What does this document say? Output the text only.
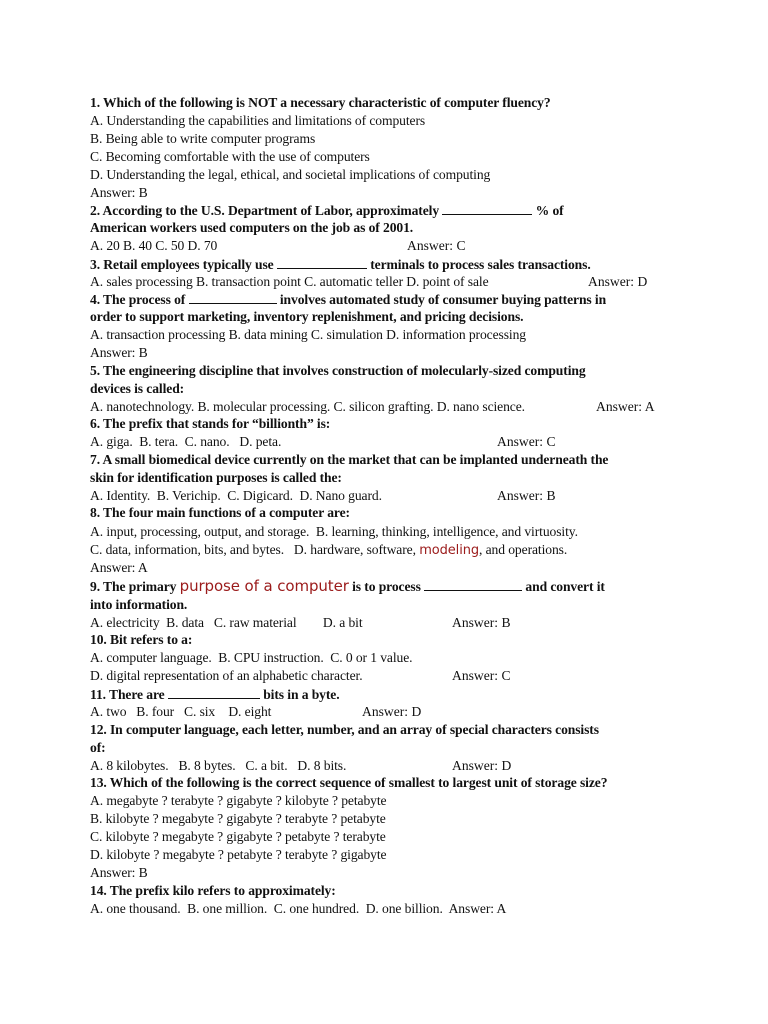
1. Which of the following is NOT a necessary characteristic of computer fluency?
A. Understanding the capabilities and limitations of computers
B. Being able to write computer programs
C. Becoming comfortable with the use of computers
D. Understanding the legal, ethical, and societal implications of computing
Answer: B
2. According to the U.S. Department of Labor, approximately	% of
American workers used computers on the job as of 2001.
A. 20 B. 40 C. 50 D. 70	Answer: C
3. Retail employees typically use	terminals to process sales transactions.
A. sales processing B. transaction point C. automatic teller D. point of sale	Answer: D
4. The process of	involves automated study of consumer buying patterns in
order to support marketing, inventory replenishment, and pricing decisions.
A. transaction processing B. data mining C. simulation D. information processing
Answer: B
5. The engineering discipline that involves construction of molecularly-sized computing
devices is called:
A. nanotechnology. B. molecular processing. C. silicon grafting. D. nano science.	Answer: A
6. The prefix that stands for “billionth” is:
A. giga.  B. tera.  C. nano.   D. peta.	Answer: C
7. A small biomedical device currently on the market that can be implanted underneath the
skin for identification purposes is called the:
A. Identity.  B. Verichip.  C. Digicard.  D. Nano guard.	Answer: B
8. The four main functions of a computer are:
A. input, processing, output, and storage.  B. learning, thinking, intelligence, and virtuosity.
C. data, information, bits, and bytes.   D. hardware, software, modeling, and operations.
Answer: A
9. The primary purpose of a computer is to process	and convert it
into information.
A. electricity  B. data   C. raw material        D. a bit	Answer: B
10. Bit refers to a:
A. computer language.  B. CPU instruction.  C. 0 or 1 value.
D. digital representation of an alphabetic character.	Answer: C
11. There are	bits in a byte.
A. two   B. four   C. six    D. eight	Answer: D
12. In computer language, each letter, number, and an array of special characters consists
of:
A. 8 kilobytes.   B. 8 bytes.   C. a bit.   D. 8 bits.	Answer: D
13. Which of the following is the correct sequence of smallest to largest unit of storage size?
A. megabyte ? terabyte ? gigabyte ? kilobyte ? petabyte
B. kilobyte ? megabyte ? gigabyte ? terabyte ? petabyte
C. kilobyte ? megabyte ? gigabyte ? petabyte ? terabyte
D. kilobyte ? megabyte ? petabyte ? terabyte ? gigabyte
Answer: B
14. The prefix kilo refers to approximately:
A. one thousand.  B. one million.  C. one hundred.  D. one billion.  Answer: A
